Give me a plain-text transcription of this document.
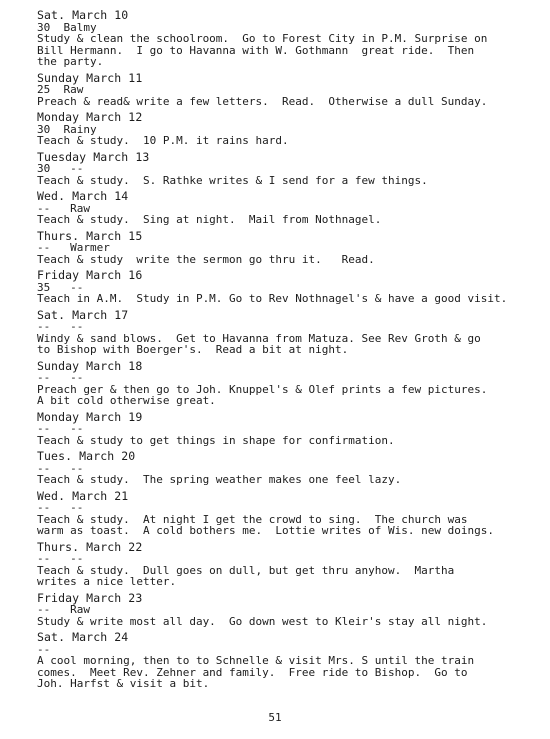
Sat. March 10
30  Balmy
Study & clean the schoolroom.  Go to Forest City in P.M. Surprise on
Bill Hermann.  I go to Havanna with W. Gothmann  great ride.  Then
the party.
Sunday March 11
25  Raw
Preach & read& write a few letters.  Read.  Otherwise a dull Sunday.
Monday March 12
30  Rainy
Teach & study.  10 P.M. it rains hard.
Tuesday March 13
30   --
Teach & study.  S. Rathke writes & I send for a few things.
Wed. March 14
--   Raw
Teach & study.  Sing at night.  Mail from Nothnagel.
Thurs. March 15
--   Warmer
Teach & study  write the sermon go thru it.   Read.
Friday March 16
35   --
Teach in A.M.  Study in P.M. Go to Rev Nothnagel's & have a good visit.
Sat. March 17
--   --
Windy & sand blows.  Get to Havanna from Matuza. See Rev Groth & go
to Bishop with Boerger's.  Read a bit at night.
Sunday March 18
--   --
Preach ger & then go to Joh. Knuppel's & Olef prints a few pictures.
A bit cold otherwise great.
Monday March 19
--   --
Teach & study to get things in shape for confirmation.
Tues. March 20
--   --
Teach & study.  The spring weather makes one feel lazy.
Wed. March 21
--   --
Teach & study.  At night I get the crowd to sing.  The church was
warm as toast.  A cold bothers me.  Lottie writes of Wis. new doings.
Thurs. March 22
--   --
Teach & study.  Dull goes on dull, but get thru anyhow.  Martha
writes a nice letter.
Friday March 23
--   Raw
Study & write most all day.  Go down west to Kleir's stay all night.
Sat. March 24
--
A cool morning, then to to Schnelle & visit Mrs. S until the train
comes.  Meet Rev. Zehner and family.  Free ride to Bishop.  Go to
Joh. Harfst & visit a bit.
51
